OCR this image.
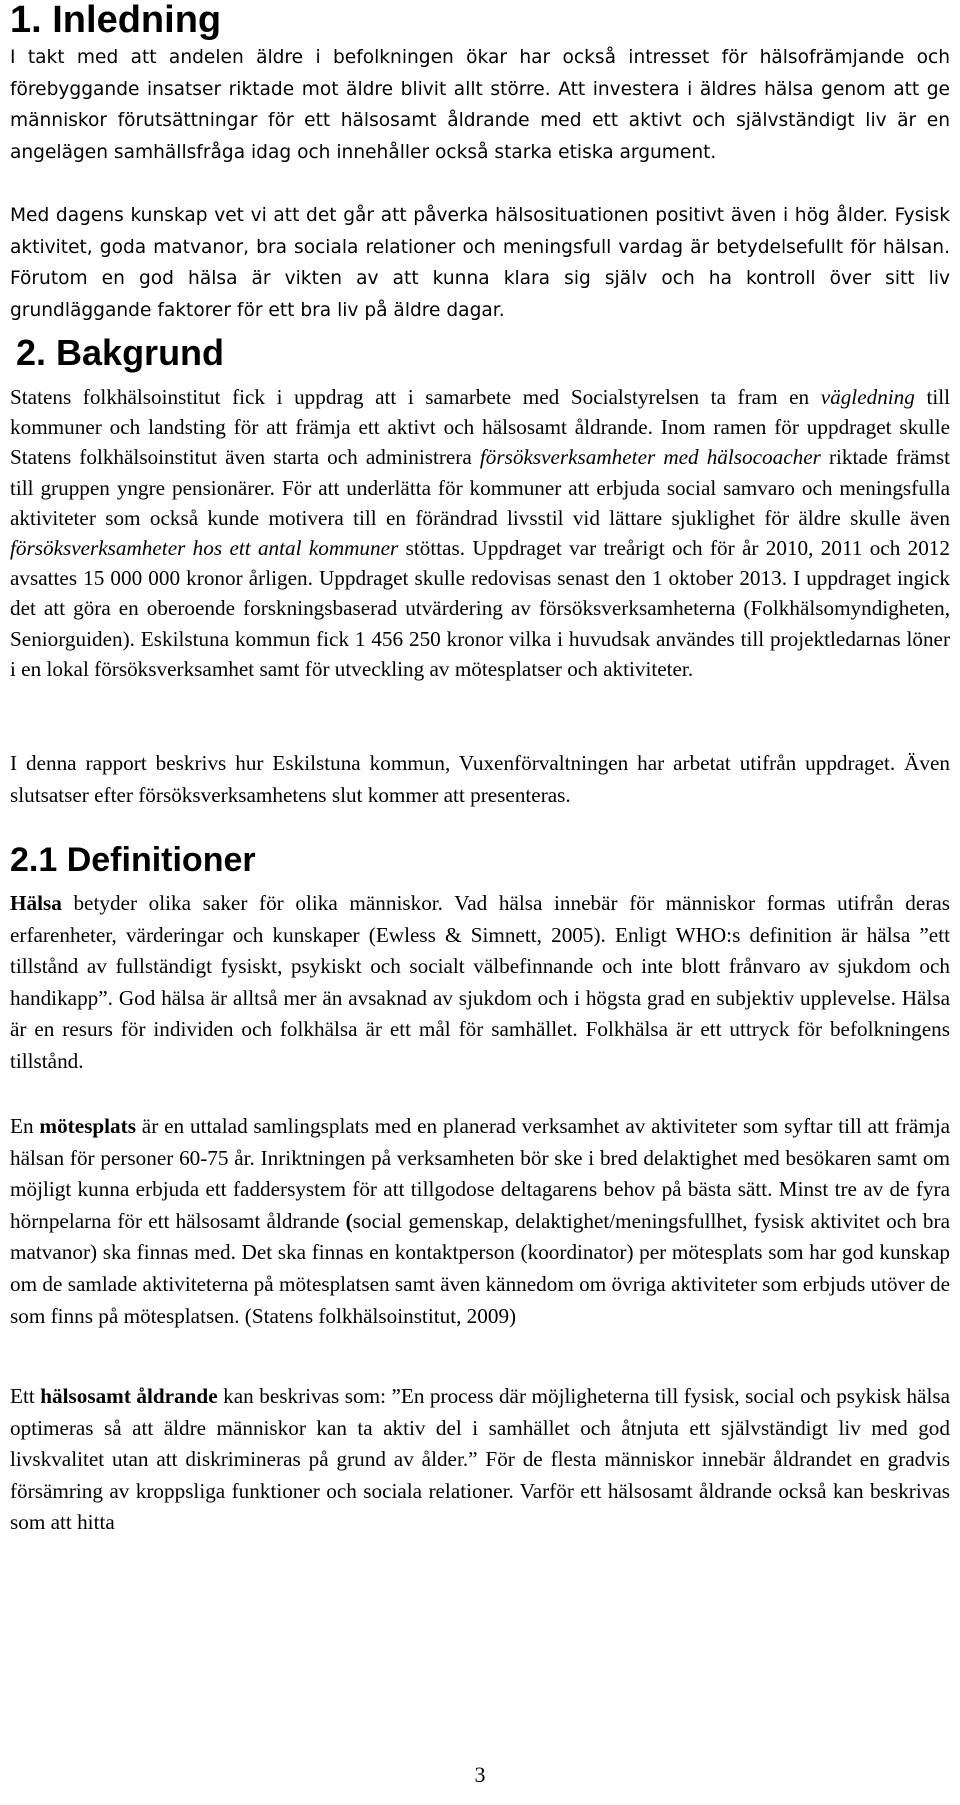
1. Inledning

I takt med att andelen äldre i befolkningen ökar har också intresset för hälsofrämjande och förebyggande insatser riktade mot äldre blivit allt större. Att investera i äldres hälsa genom att ge människor förutsättningar för ett hälsosamt åldrande med ett aktivt och självständigt liv är en angelägen samhällsfråga idag och innehåller också starka etiska argument.

Med dagens kunskap vet vi att det går att påverka hälsosituationen positivt även i hög ålder. Fysisk aktivitet, goda matvanor, bra sociala relationer och meningsfull vardag är betydelsefullt för hälsan. Förutom en god hälsa är vikten av att kunna klara sig själv och ha kontroll över sitt liv grundläggande faktorer för ett bra liv på äldre dagar.

2. Bakgrund

Statens folkhälsoinstitut fick i uppdrag att i samarbete med Socialstyrelsen ta fram en vägledning till kommuner och landsting för att främja ett aktivt och hälsosamt åldrande. Inom ramen för uppdraget skulle Statens folkhälsoinstitut även starta och administrera försöksverksamheter med hälsocoacher riktade främst till gruppen yngre pensionärer. För att underlätta för kommuner att erbjuda social samvaro och meningsfulla aktiviteter som också kunde motivera till en förändrad livsstil vid lättare sjuklighet för äldre skulle även försöksverksamheter hos ett antal kommuner stöttas. Uppdraget var treårigt och för år 2010, 2011 och 2012 avsattes 15 000 000 kronor årligen. Uppdraget skulle redovisas senast den 1 oktober 2013. I uppdraget ingick det att göra en oberoende forskningsbaserad utvärdering av försöksverksamheterna (Folkhälsomyndigheten, Seniorguiden). Eskilstuna kommun fick 1 456 250 kronor vilka i huvudsak användes till projektledarnas löner i en lokal försöksverksamhet samt för utveckling av mötesplatser och aktiviteter.

I denna rapport beskrivs hur Eskilstuna kommun, Vuxenförvaltningen har arbetat utifrån uppdraget. Även slutsatser efter försöksverksamhetens slut kommer att presenteras.

2.1 Definitioner

Hälsa betyder olika saker för olika människor. Vad hälsa innebär för människor formas utifrån deras erfarenheter, värderingar och kunskaper (Ewless & Simnett, 2005). Enligt WHO:s definition är hälsa ”ett tillstånd av fullständigt fysiskt, psykiskt och socialt välbefinnande och inte blott frånvaro av sjukdom och handikapp”. God hälsa är alltså mer än avsaknad av sjukdom och i högsta grad en subjektiv upplevelse. Hälsa är en resurs för individen och folkhälsa är ett mål för samhället. Folkhälsa är ett uttryck för befolkningens tillstånd.

En mötesplats är en uttalad samlingsplats med en planerad verksamhet av aktiviteter som syftar till att främja hälsan för personer 60-75 år. Inriktningen på verksamheten bör ske i bred delaktighet med besökaren samt om möjligt kunna erbjuda ett faddersystem för att tillgodose deltagarens behov på bästa sätt. Minst tre av de fyra hörnpelarna för ett hälsosamt åldrande (social gemenskap, delaktighet/meningsfullhet, fysisk aktivitet och bra matvanor) ska finnas med. Det ska finnas en kontaktperson (koordinator) per mötesplats som har god kunskap om de samlade aktiviteterna på mötesplatsen samt även kännedom om övriga aktiviteter som erbjuds utöver de som finns på mötesplatsen. (Statens folkhälsoinstitut, 2009)

Ett hälsosamt åldrande kan beskrivas som: ”En process där möjligheterna till fysisk, social och psykisk hälsa optimeras så att äldre människor kan ta aktiv del i samhället och åtnjuta ett självständigt liv med god livskvalitet utan att diskrimineras på grund av ålder.” För de flesta människor innebär åldrandet en gradvis försämring av kroppsliga funktioner och sociala relationer. Varför ett hälsosamt åldrande också kan beskrivas som att hitta

3
